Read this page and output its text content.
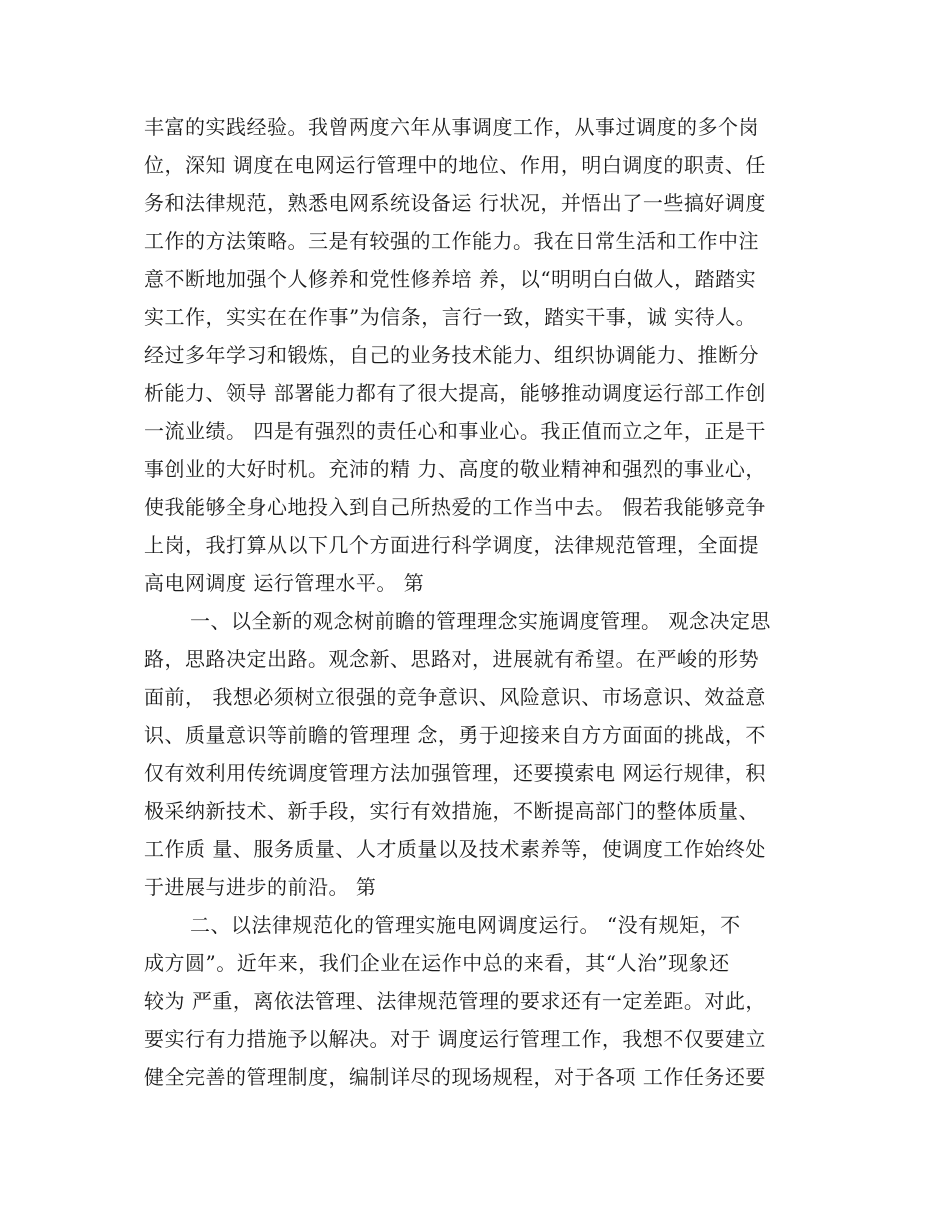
丰富的实践经验。我曾两度六年从事调度工作，从事过调度的多个岗
位，深知 调度在电网运行管理中的地位、作用，明白调度的职责、任
务和法律规范，熟悉电网系统设备运 行状况，并悟出了一些搞好调度
工作的方法策略。三是有较强的工作能力。我在日常生活和工作中注
意不断地加强个人修养和党性修养培 养，以“明明白白做人，踏踏实
实工作，实实在在作事”为信条，言行一致，踏实干事，诚 实待人。
经过多年学习和锻炼，自己的业务技术能力、组织协调能力、推断分
析能力、领导 部署能力都有了很大提高，能够推动调度运行部工作创
一流业绩。 四是有强烈的责任心和事业心。我正值而立之年，正是干
事创业的大好时机。充沛的精 力、高度的敬业精神和强烈的事业心，
使我能够全身心地投入到自己所热爱的工作当中去。 假若我能够竞争
上岗，我打算从以下几个方面进行科学调度，法律规范管理，全面提
高电网调度 运行管理水平。 第
一、以全新的观念树前瞻的管理理念实施调度管理。 观念决定思
路，思路决定出路。观念新、思路对，进展就有希望。在严峻的形势
面前， 我想必须树立很强的竞争意识、风险意识、市场意识、效益意
识、质量意识等前瞻的管理理 念，勇于迎接来自方方面面的挑战，不
仅有效利用传统调度管理方法加强管理，还要摸索电 网运行规律，积
极采纳新技术、新手段，实行有效措施，不断提高部门的整体质量、
工作质 量、服务质量、人才质量以及技术素养等，使调度工作始终处
于进展与进步的前沿。 第
二、以法律规范化的管理实施电网调度运行。 “没有规矩，不
成方圆”。近年来，我们企业在运作中总的来看，其“人治”现象还
较为 严重，离依法管理、法律规范管理的要求还有一定差距。对此，
要实行有力措施予以解决。对于 调度运行管理工作，我想不仅要建立
健全完善的管理制度，编制详尽的现场规程，对于各项 工作任务还要
